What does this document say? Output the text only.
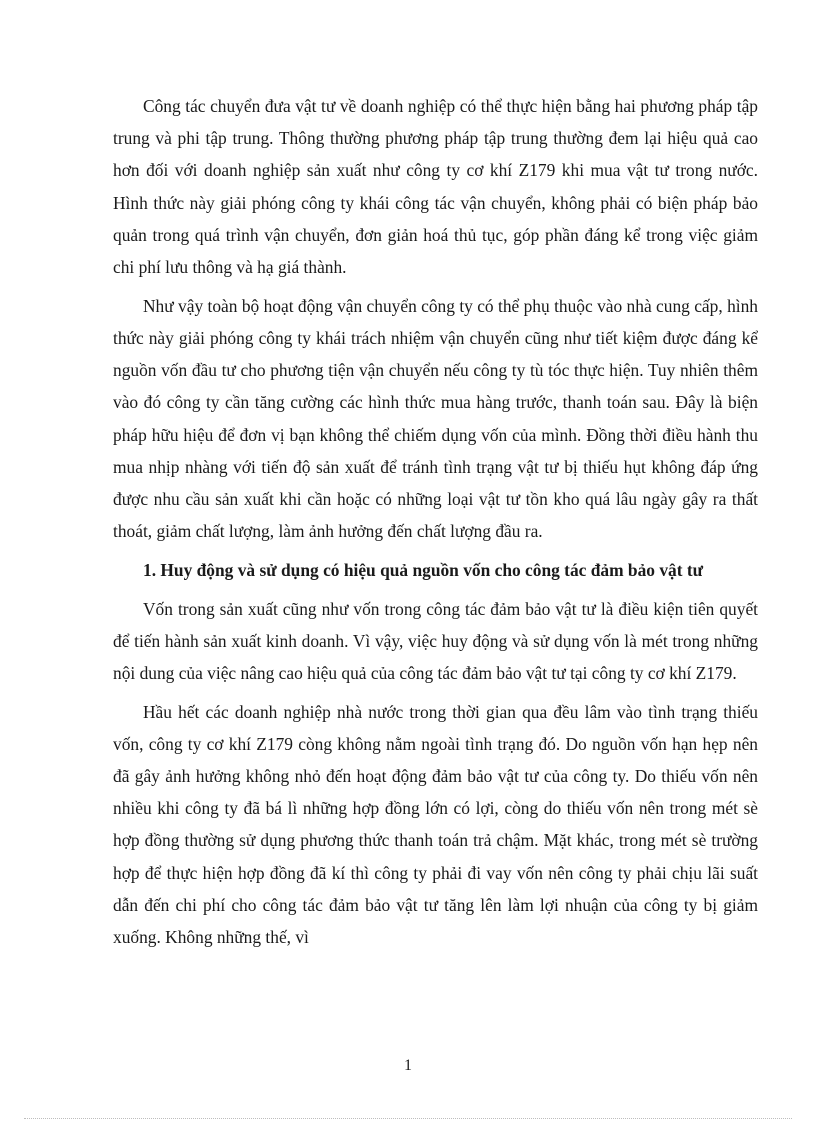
Công tác chuyển đưa vật tư về doanh nghiệp có thể thực hiện bằng hai phương pháp tập trung và phi tập trung. Thông thường phương pháp tập trung thường đem lại hiệu quả cao hơn đối với doanh nghiệp sản xuất như công ty cơ khí Z179 khi mua vật tư trong nước. Hình thức này giải phóng công ty khái công tác vận chuyển, không phải có biện pháp bảo quản trong quá trình vận chuyển, đơn giản hoá thủ tục, góp phần đáng kể trong việc giảm chi phí lưu thông và hạ giá thành.

Như vậy toàn bộ hoạt động vận chuyển công ty có thể phụ thuộc vào nhà cung cấp, hình thức này giải phóng công ty khái trách nhiệm vận chuyển cũng như tiết kiệm được đáng kể nguồn vốn đầu tư cho phương tiện vận chuyển nếu công ty tù tóc thực hiện. Tuy nhiên thêm vào đó công ty cần tăng cường các hình thức mua hàng trước, thanh toán sau. Đây là biện pháp hữu hiệu để đơn vị bạn không thể chiếm dụng vốn của mình. Đồng thời điều hành thu mua nhịp nhàng với tiến độ sản xuất để tránh tình trạng vật tư bị thiếu hụt không đáp ứng được nhu cầu sản xuất khi cần hoặc có những loại vật tư tồn kho quá lâu ngày gây ra thất thoát, giảm chất lượng, làm ảnh hưởng đến chất lượng đầu ra.

1. Huy động và sử dụng có hiệu quả nguồn vốn cho công tác đảm bảo vật tư

Vốn trong sản xuất cũng như vốn trong công tác đảm bảo vật tư là điều kiện tiên quyết để tiến hành sản xuất kinh doanh. Vì vậy, việc huy động và sử dụng vốn là mét trong những nội dung của việc nâng cao hiệu quả của công tác đảm bảo vật tư tại công ty cơ khí Z179.

Hầu hết các doanh nghiệp nhà nước trong thời gian qua đều lâm vào tình trạng thiếu vốn, công ty cơ khí Z179 còng không nằm ngoài tình trạng đó. Do nguồn vốn hạn hẹp nên đã gây ảnh hưởng không nhỏ đến hoạt động đảm bảo vật tư của công ty. Do thiếu vốn nên nhiều khi công ty đã bá lì những hợp đồng lớn có lợi, còng do thiếu vốn nên trong mét sè hợp đồng thường sử dụng phương thức thanh toán trả chậm. Mặt khác, trong mét sè trường hợp để thực hiện hợp đồng đã kí thì công ty phải đi vay vốn nên công ty phải chịu lãi suất dẫn đến chi phí cho công tác đảm bảo vật tư tăng lên làm lợi nhuận của công ty bị giảm xuống. Không những thế, vì

1
